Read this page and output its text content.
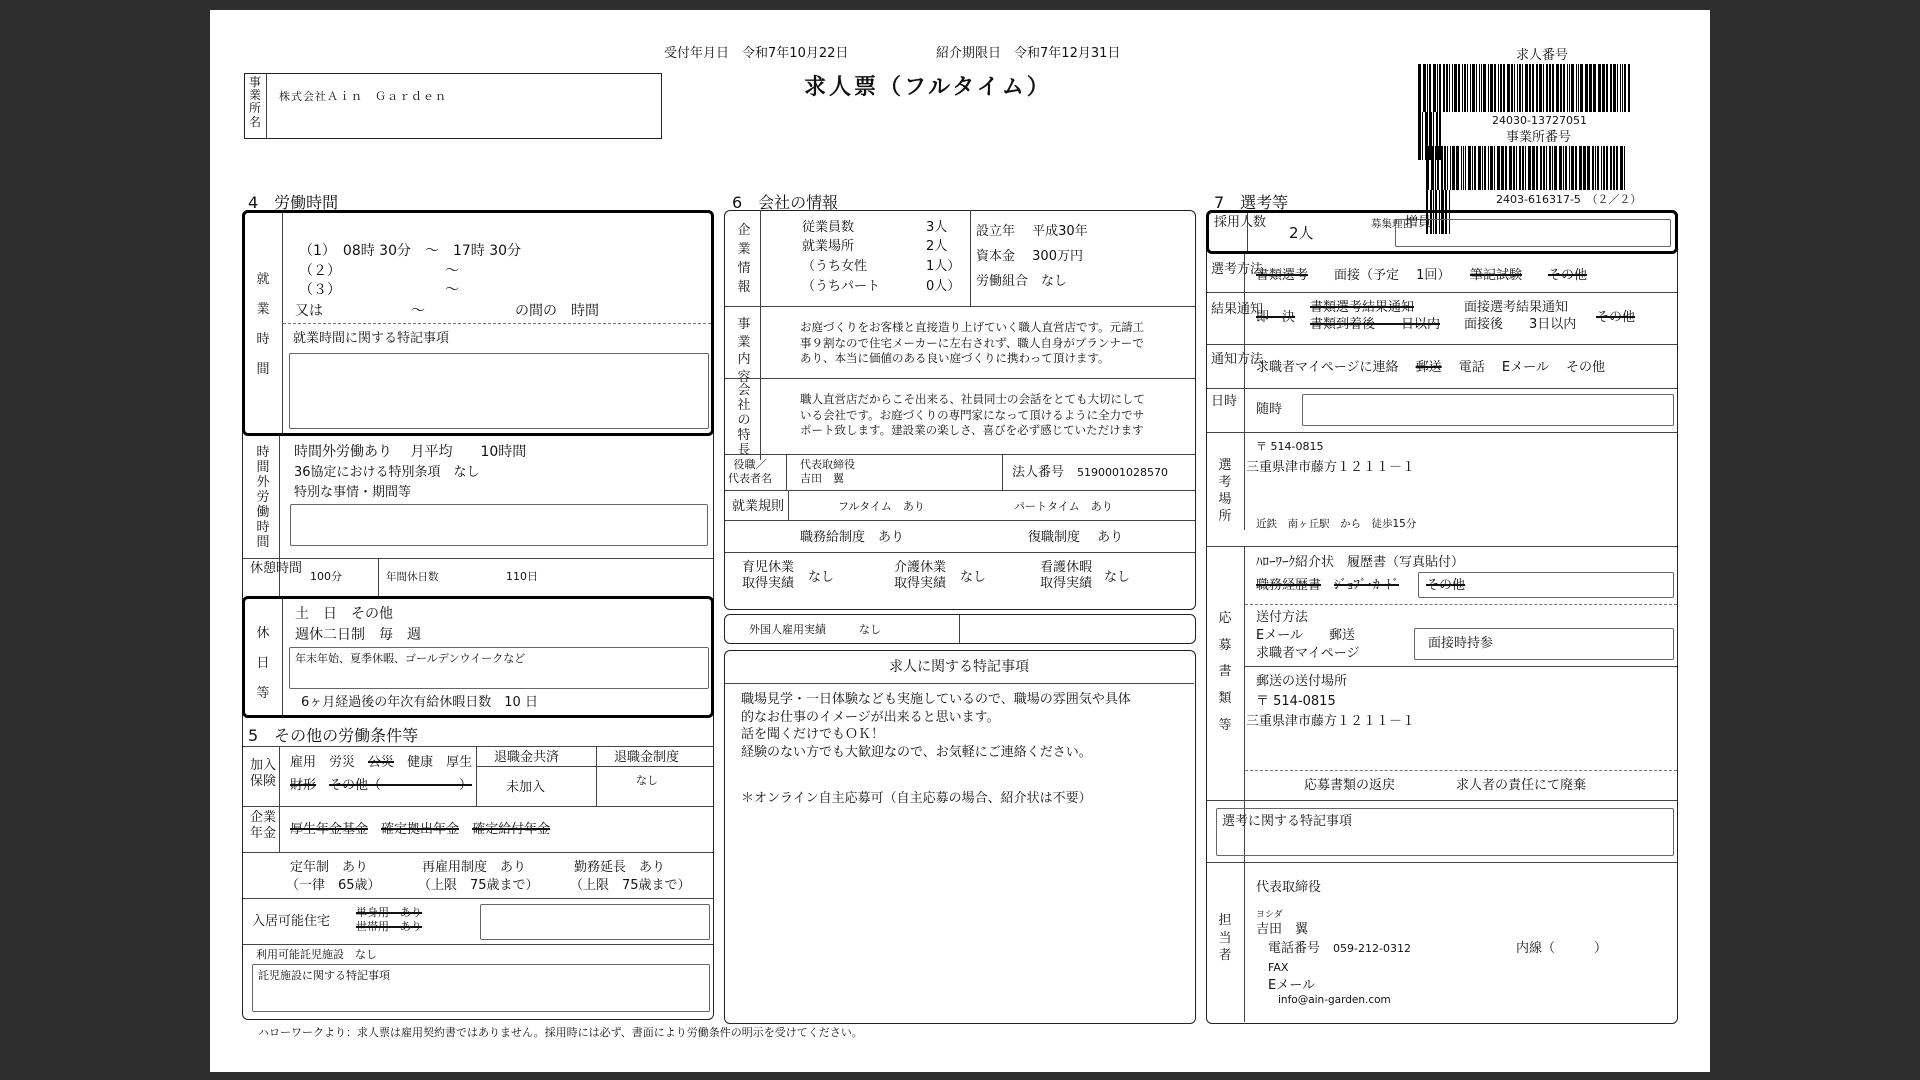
受付年月日　 令和7年10月22日	紹介期限日　 令和7年12月31日
求人票（フルタイム）
事業所名
株式会社Ａｉｎ　Ｇａｒｄｅｎ
求人番号
24030-13727051
事業所番号
2403-616317-5　 （２／２）
4　労働時間
就業時間
（1）　08時 30分　～　17時 30分
（２）	～
（３）	～
又は	～	の間の　時間
就業時間に関する特記事項
時間外労働時間
時間外労働あり　 月平均　　10時間
36協定における特別条項　なし
特別な事情・期間等
休憩時間
100分	年間休日数	110日
休日等
土　日　その他
週休二日制　毎　週
年末年始、夏季休暇、ゴールデンウイークなど
6ヶ月経過後の年次有給休暇日数　10 日
5　その他の労働条件等
加入保険
雇用　労災　 公災　 健康　厚生
財形　 その他（　　　　　　）
退職金共済
未加入
退職金制度
なし
企業年金 厚生年金基金　 確定拠出年金　 確定給付年金
定年制　あり
（一律　65歳）
再雇用制度　あり
（上限　75歳まで）
勤務延長　あり
（上限　75歳まで）
入居可能住宅
単身用　あり
世帯用　あり
利用可能託児施設　なし
託児施設に関する特記事項
6　会社の情報
企業情報
従業員数	3人
就業場所	2人
（うち女性	1人）
（うちパート	0人）
設立年　 平成30年
資本金　 300万円
労働組合　 なし
事業内容
お庭づくりをお客様と直接造り上げていく職人直営店です。元請工
事９割なので住宅メーカーに左右されず、職人自身がプランナーで
あり、本当に価値のある良い庭づくりに携わって頂けます。
会社の特長
職人直営店だからこそ出来る、社員同士の会話をとても大切にして
いる会社です。お庭づくりの専門家になって頂けるように全力でサ
ポート致します。建設業の楽しさ、喜びを必ず感じていただけます
役職／
代表者名
代表取締役
吉田　翼	法人番号　 5190001028570
就業規則	フルタイム　あり	パートタイム　あり
職務給制度　あり	復職制度　 あり
育児休業
取得実績 なし
介護休業
取得実績 なし
看護休暇
取得実績 なし
外国人雇用実績　　　	なし
求人に関する特記事項
職場見学・一日体験なども実施しているので、職場の雰囲気や具体
的なお仕事のイメージが出来ると思います。
話を聞くだけでもＯＫ！
経験のない方でも大歓迎なので、お気軽にご連絡ください。
＊オンライン自主応募可（自主応募の場合、紹介状は不要）
7　選考等
採用人数
2人	募集理由
増員
選考方法
書類選考　　 面接（予定　 1回）　　 筆記試験　　 その他
結果通知
即　決
書類選考結果通知
書類到着後　　日以内
面接選考結果通知
面接後　　3日以内 その他
通知方法
求職者マイページに連絡　 郵送　 電話　 Eメール　 その他
日時
随時
選考場所
〒 514-0815
三重県津市藤方１２１１－１
近鉄　南ヶ丘駅　から　徒歩15分
応募書類等
ﾊﾛｰﾜｰｸ紹介状　履歴書（写真貼付）
職務経歴書　 ｼﾞｮﾌﾞ･ｶｰﾄﾞ その他
送付方法
Eメール　　郵送
求職者マイページ
面接時持参
郵送の送付場所
〒 514-0815
三重県津市藤方１２１１－１
応募書類の返戻	求人者の責任にて廃棄
選考に関する特記事項
担当者
代表取締役
ヨシダ
吉田　翼
電話番号　 059-212-0312	内線（　　　）
FAX
Eメール
info@ain-garden.com
ハローワークより：求人票は雇用契約書ではありません。採用時には必ず、書面により労働条件の明示を受けてください。
